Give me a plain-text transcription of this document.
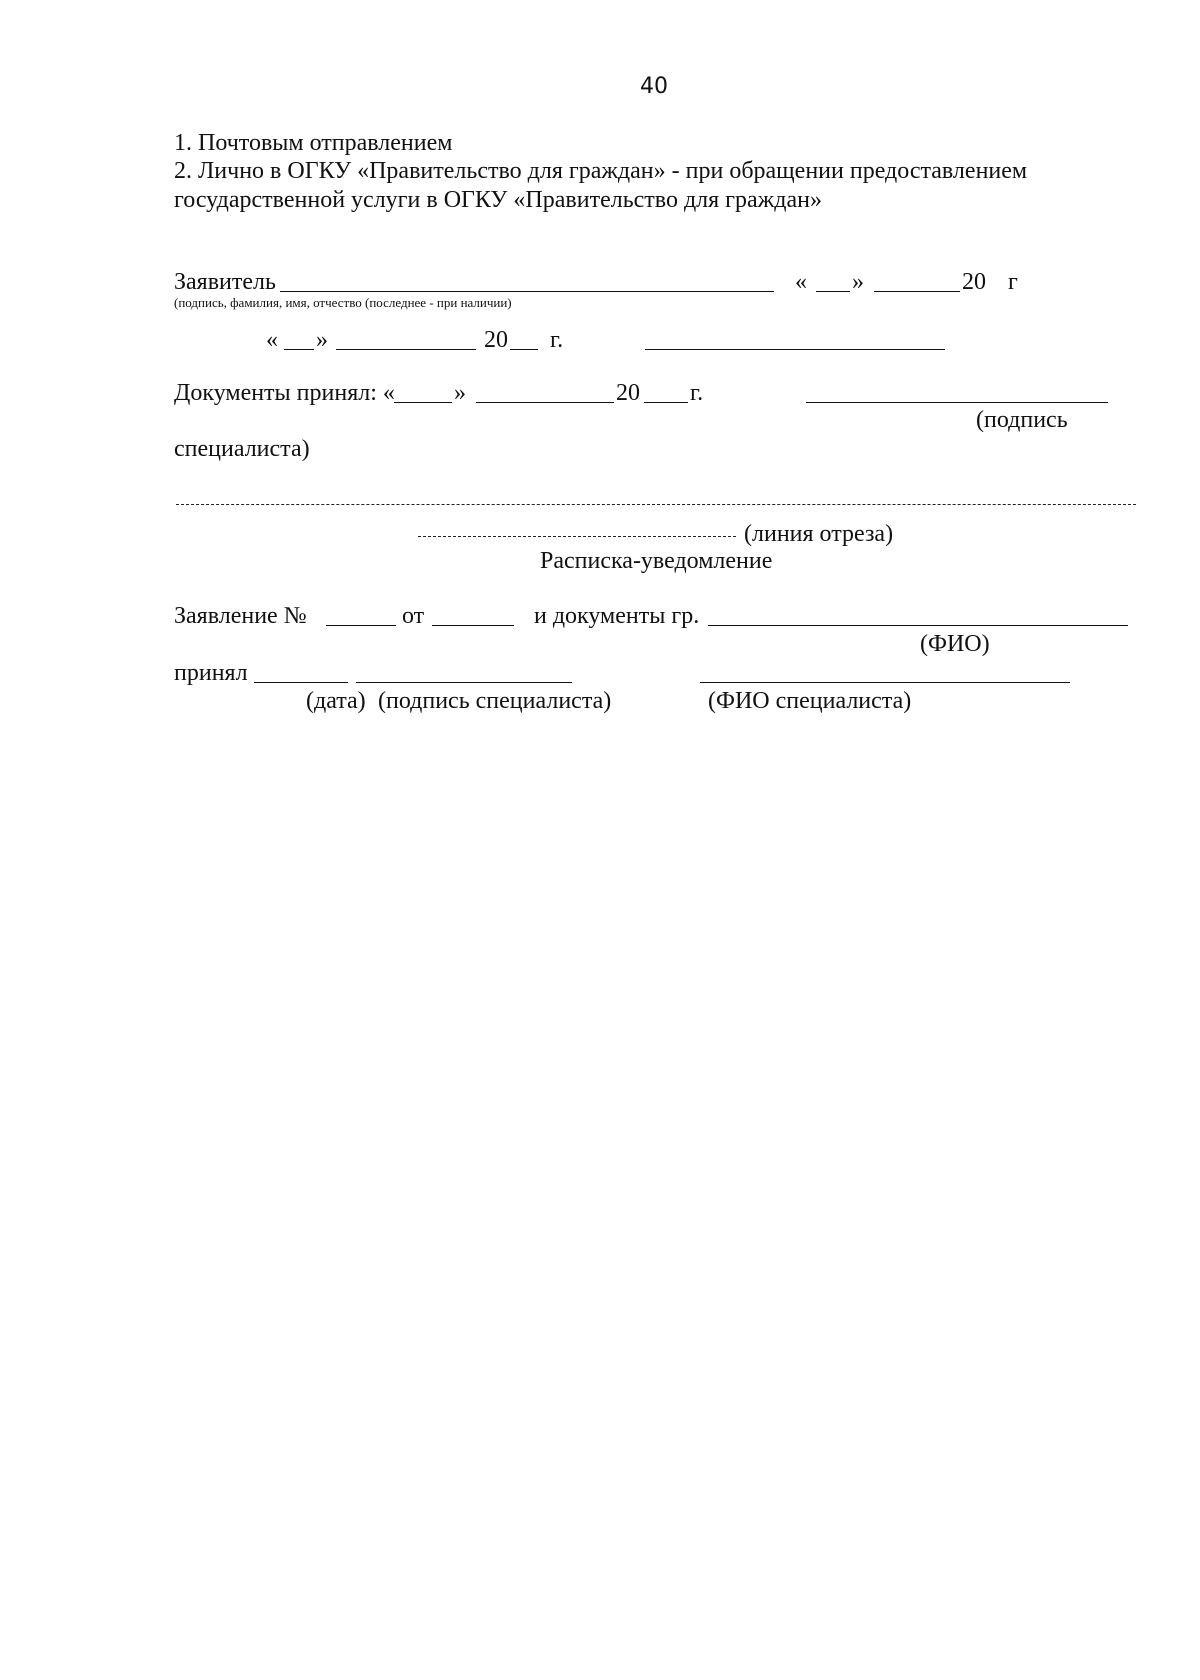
40
1. Почтовым отправлением
2. Лично в ОГКУ «Правительство для граждан» - при обращении предоставлением
государственной услуги в ОГКУ «Правительство для граждан»
Заявитель
(подпись, фамилия, имя, отчество (последнее - при наличии)
« »	20 г
« »	20 г.
Документы принял: « »	20 г.
(подпись
специалиста)
(линия отреза)
Расписка-уведомление
Заявление №	от	и документы гр.
(ФИО)
принял
(дата) (подпись специалиста)	(ФИО специалиста)
